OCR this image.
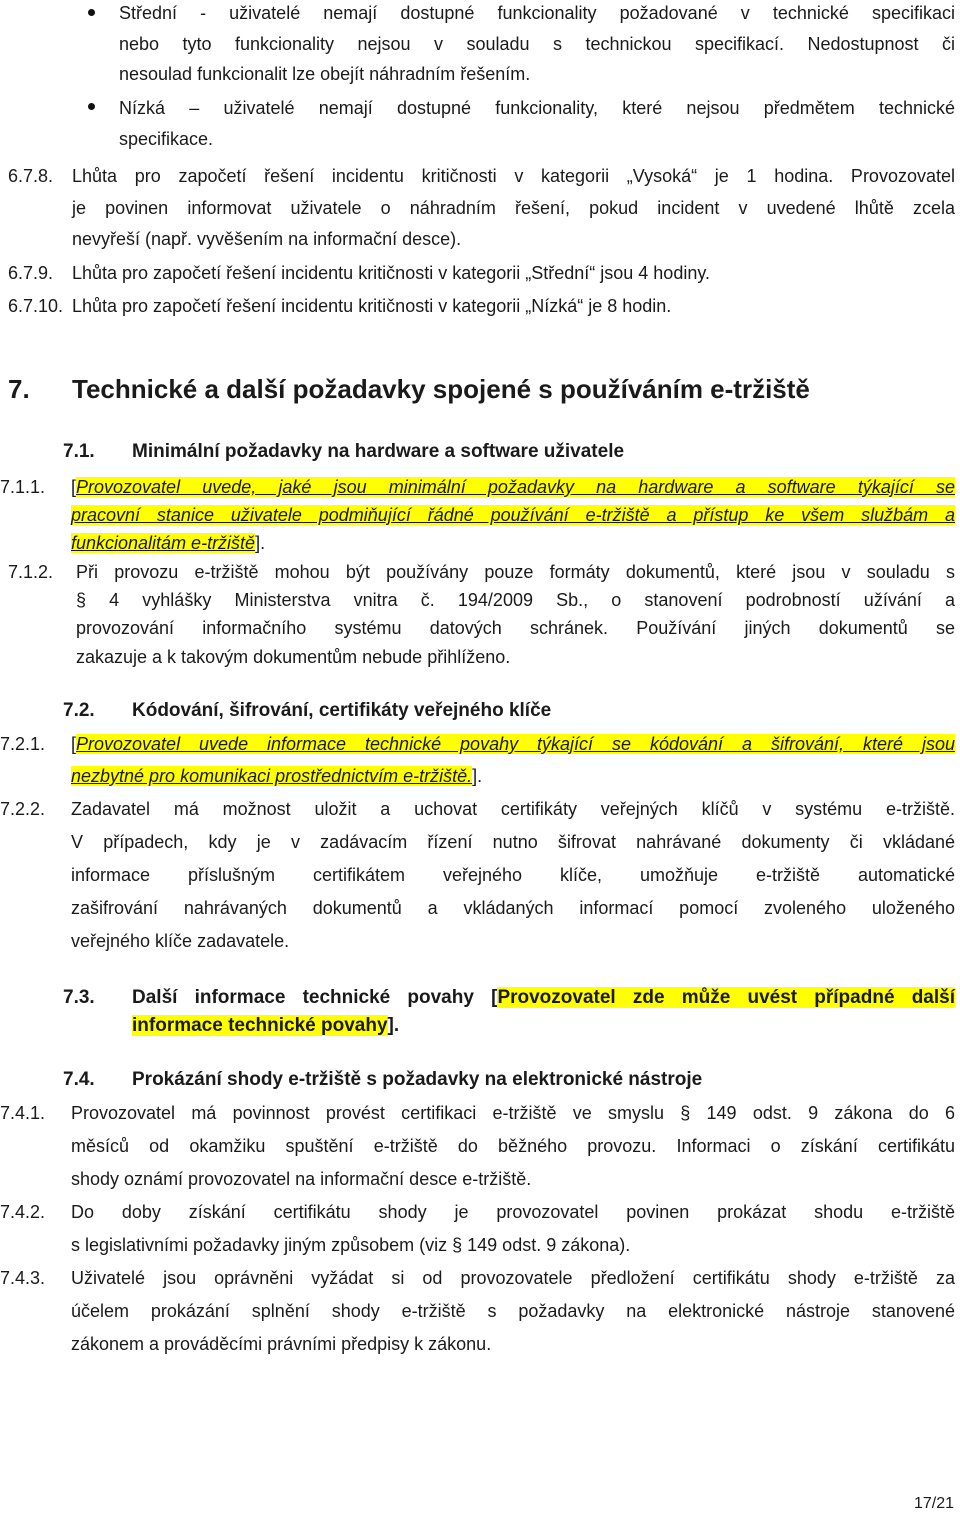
Střední - uživatelé nemají dostupné funkcionality požadované v technické specifikaci
nebo tyto funkcionality nejsou v souladu s technickou specifikací. Nedostupnost či
nesoulad funkcionalit lze obejít náhradním řešením.
Nízká – uživatelé nemají dostupné funkcionality, které nejsou předmětem technické
specifikace.
6.7.8. Lhůta pro započetí řešení incidentu kritičnosti v kategorii „Vysoká“ je 1 hodina. Provozovatel
je povinen informovat uživatele o náhradním řešení, pokud incident v uvedené lhůtě zcela
nevyřeší (např. vyvěšením na informační desce).
6.7.9. Lhůta pro započetí řešení incidentu kritičnosti v kategorii „Střední“ jsou 4 hodiny.
6.7.10. Lhůta pro započetí řešení incidentu kritičnosti v kategorii „Nízká“ je 8 hodin.
7. Technické a další požadavky spojené s používáním e-tržiště
7.1. Minimální požadavky na hardware a software uživatele
7.1.1. [Provozovatel uvede, jaké jsou minimální požadavky na hardware a software týkající se
pracovní stanice uživatele podmiňující řádné používání e-tržiště a přístup ke všem službám a
funkcionalitám e-tržiště].
7.1.2. Při provozu e-tržiště mohou být používány pouze formáty dokumentů, které jsou v souladu s
§ 4 vyhlášky Ministerstva vnitra č. 194/2009 Sb., o stanovení podrobností užívání a
provozování informačního systému datových schránek. Používání jiných dokumentů se
zakazuje a k takovým dokumentům nebude přihlíženo.
7.2. Kódování, šifrování, certifikáty veřejného klíče
7.2.1. [Provozovatel uvede informace technické povahy týkající se kódování a šifrování, které jsou
nezbytné pro komunikaci prostřednictvím e-tržiště.].
7.2.2. Zadavatel má možnost uložit a uchovat certifikáty veřejných klíčů v systému e-tržiště.
V případech, kdy je v zadávacím řízení nutno šifrovat nahrávané dokumenty či vkládané
informace příslušným certifikátem veřejného klíče, umožňuje e-tržiště automatické
zašifrování nahrávaných dokumentů a vkládaných informací pomocí zvoleného uloženého
veřejného klíče zadavatele.
7.3. Další informace technické povahy [Provozovatel zde může uvést případné další
informace technické povahy].
7.4. Prokázání shody e-tržiště s požadavky na elektronické nástroje
7.4.1. Provozovatel má povinnost provést certifikaci e-tržiště ve smyslu § 149 odst. 9 zákona do 6
měsíců od okamžiku spuštění e-tržiště do běžného provozu. Informaci o získání certifikátu
shody oznámí provozovatel na informační desce e-tržiště.
7.4.2. Do doby získání certifikátu shody je provozovatel povinen prokázat shodu e-tržiště
s legislativními požadavky jiným způsobem (viz § 149 odst. 9 zákona).
7.4.3. Uživatelé jsou oprávněni vyžádat si od provozovatele předložení certifikátu shody e-tržiště za
účelem prokázání splnění shody e-tržiště s požadavky na elektronické nástroje stanovené
zákonem a prováděcími právními předpisy k zákonu.
17/21
